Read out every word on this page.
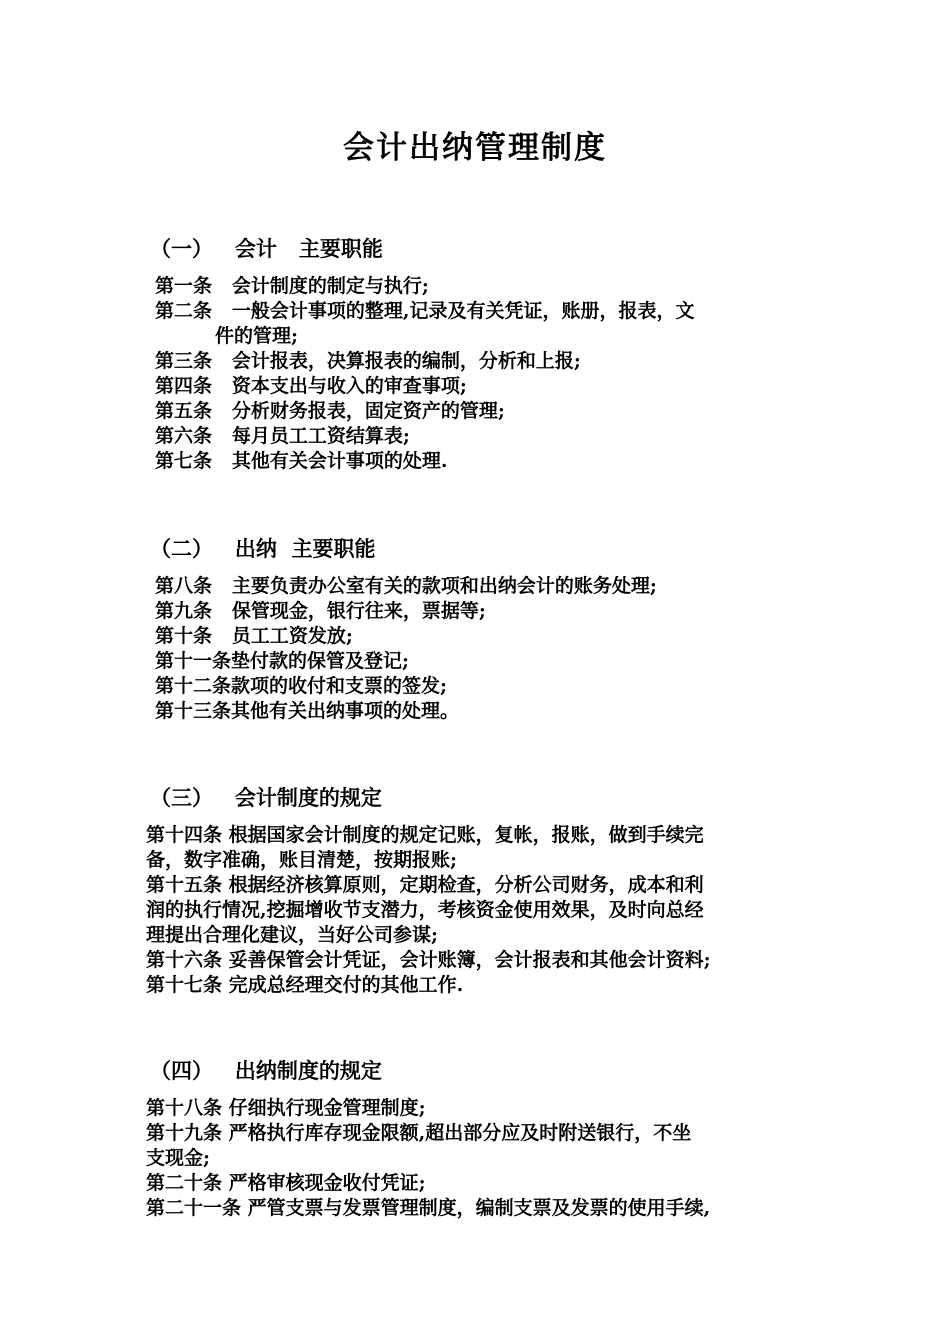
会计出纳管理制度
（一）   会计   主要职能
第一条   会计制度的制定与执行;
第二条   一般会计事项的整理,记录及有关凭证，账册，报表，文
件的管理;
第三条   会计报表，决算报表的编制，分析和上报;
第四条   资本支出与收入的审查事项;
第五条   分析财务报表，固定资产的管理;
第六条   每月员工工资结算表;
第七条   其他有关会计事项的处理.
（二）   出纳  主要职能
第八条   主要负责办公室有关的款项和出纳会计的账务处理;
第九条   保管现金，银行往来，票据等;
第十条   员工工资发放;
第十一条垫付款的保管及登记;
第十二条款项的收付和支票的签发;
第十三条其他有关出纳事项的处理。
（三）   会计制度的规定
第十四条 根据国家会计制度的规定记账，复帐，报账，做到手续完
备，数字准确，账目清楚，按期报账;
第十五条 根据经济核算原则，定期检查，分析公司财务，成本和利
润的执行情况,挖掘增收节支潜力，考核资金使用效果，及时向总经
理提出合理化建议，当好公司参谋;
第十六条 妥善保管会计凭证，会计账簿，会计报表和其他会计资料;
第十七条 完成总经理交付的其他工作.
（四）   出纳制度的规定
第十八条 仔细执行现金管理制度;
第十九条 严格执行库存现金限额,超出部分应及时附送银行，不坐
支现金;
第二十条 严格审核现金收付凭证;
第二十一条 严管支票与发票管理制度，编制支票及发票的使用手续,
